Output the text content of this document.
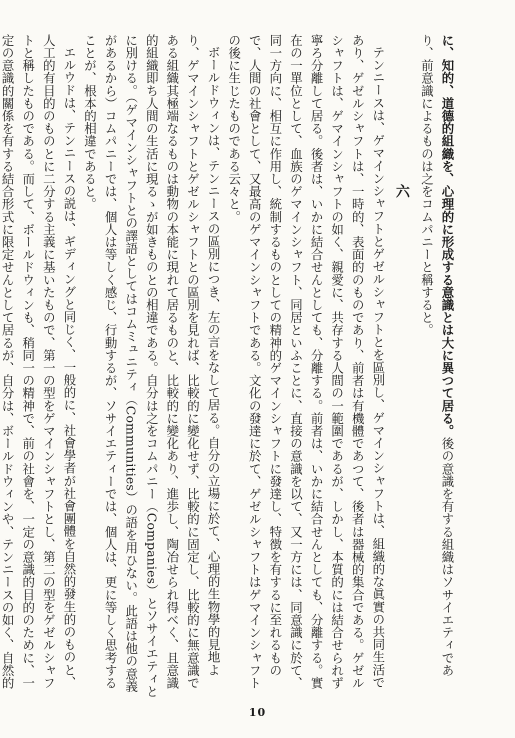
に、知的、道德的組織を、心理的に形成する意識とは大に異つて居る。後の意識を有する組織はソサイエティであり、前意識によるものは之をコムパニーと稱すると。

六

テンニースは、ゲマインシャフトとゲゼルシャフトとを區別し、ゲマインシャフトは、組織的な眞實の共同生活であり、ゲゼルシャフトは、一時的、表面的のものであり、前者は有機體であつて、後者は器械的集合である。ゲゼルシャフトは、ゲマインシャフトの如く、親愛に、共存する人間の一範圍であるが、しかし、本質的には結合せられず寧ろ分離して居る。後者は、いかに結合せんとしても、分離する。前者は、いかに結合せんとしても、分離する。實在の一單位として、血族のゲマインシャフト、同居といふことに、直接の意識を以て、又一方には、同意識に於て、同一方向に、相互に作用し、統制するものとしての精神的ゲマインシャフトに發達し、特徴を有するに至れるもので、人間の社會として、又最高のゲマインシャフトである。文化の發達に於て、ゲゼルシャフトはゲマインシャフトの後に生じたものである云々と。

ボールドウィンは、テンニースの區別につき、左の言をなして居る。自分の立場に於て、心理的生物學的見地より、ゲマインシャフトとゲゼルシャフトとの區別を見れば、比較的に變化せず、比較的に固定し、比較的に無意識である組織其極端なるものは動物の本能に現れて居るものと、比較的に變化あり、進歩し、陶冶せられ得べく、且意識的組織即ち人間の生活に現るゝが如きものとの相違である。自分は之をコムパニー（Companies）とソサイエティとに別ける。（ゲマインシャフトとの譯語としてはコムミュニティ（Communities）の語を用ひない。此語は他の意義があるから）コムパニーでは、個人は等しく感じ、行動するが、ソサイエティーでは、個人は、更に等しく思考することが、根本的相違であると。

エルウドは、テンニースの説は、ギディングと同じく、一般的に、社會學者が社會團體を自然的發生的のものと、人工的有目的のものとに二分する主義に基いたもので、第一の型をゲマインシャフトとし、第二の型をゲゼルシャフトと稱したものである。而して、ボールドウィンも、稍同一の精神で、前の社會を、一定の意識的目的のために、一定の意識的關係を有する結合形式に限定せんとして居るが、自分は、ボールドウィンや、テンニースの如く、自然的

10
